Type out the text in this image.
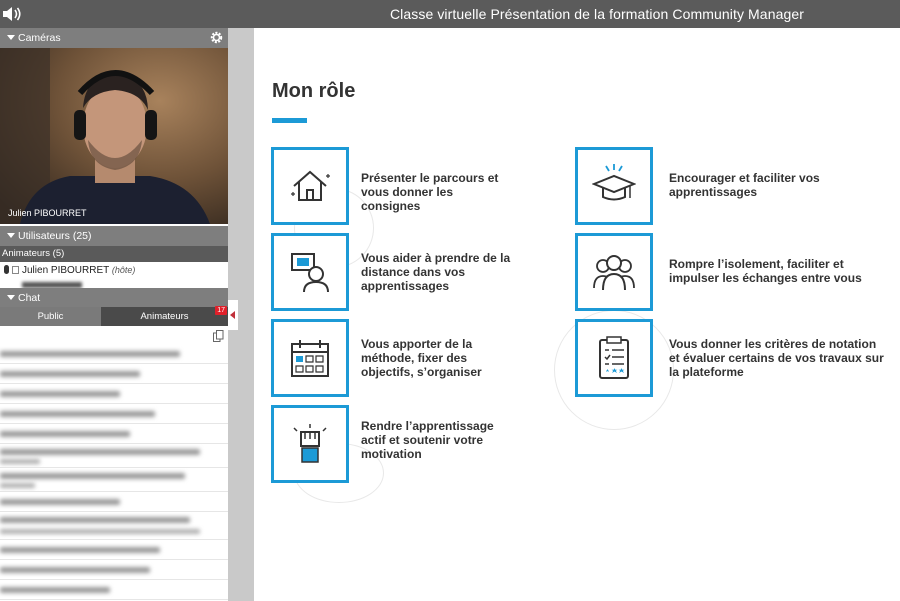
Classe virtuelle Présentation de la formation Community Manager
Caméras
Julien PIBOURRET
Utilisateurs (25)
Animateurs (5)
Julien PIBOURRET (hôte)
Chat
Public	Animateurs
17
Mon rôle
Présenter le parcours et vous donner les consignes
Vous aider à prendre de la distance dans vos apprentissages
Vous apporter de la méthode, fixer des objectifs, s’organiser
Rendre l’apprentissage actif et soutenir votre motivation
Encourager et faciliter vos apprentissages
Rompre l’isolement, faciliter et impulser les échanges entre vous
Vous donner les critères de notation et évaluer certains de vos travaux sur la plateforme
